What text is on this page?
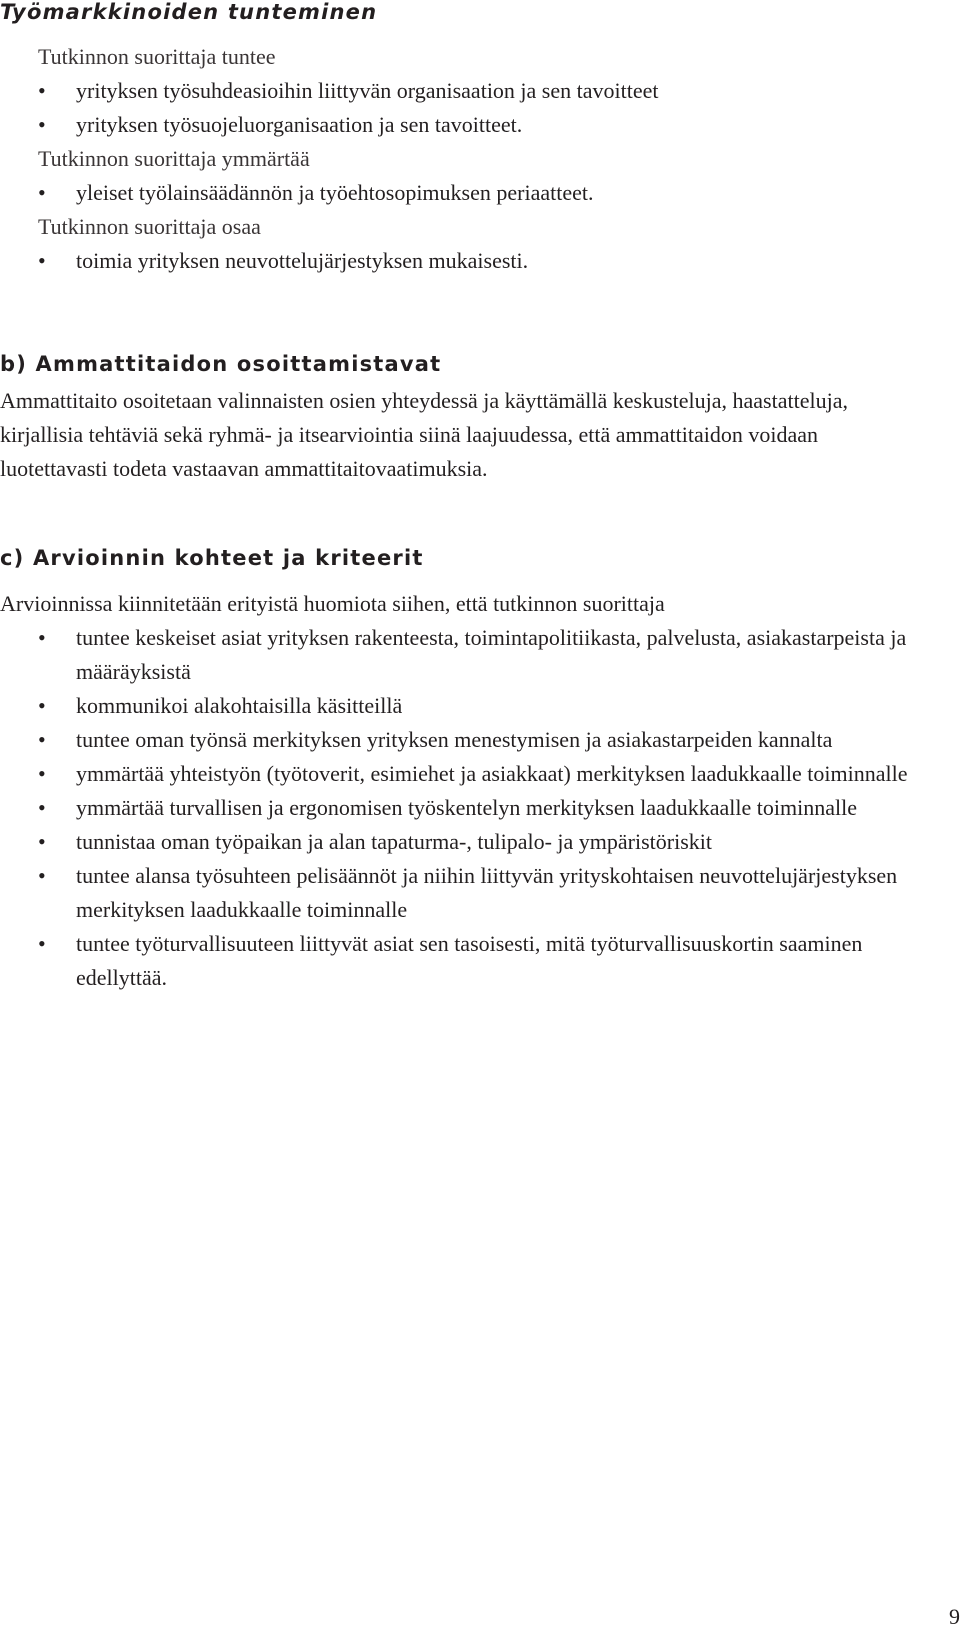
Työmarkkinoiden tunteminen

Tutkinnon suorittaja tuntee

•	yrityksen työsuhdeasioihin liittyvän organisaation ja sen tavoitteet
•	yrityksen työsuojeluorganisaation ja sen tavoitteet.

Tutkinnon suorittaja ymmärtää

•	yleiset työlainsäädännön ja työehtosopimuksen periaatteet.

Tutkinnon suorittaja osaa

•	toimia yrityksen neuvottelujärjestyksen mukaisesti.
b) Ammattitaidon osoittamistavat

Ammattitaito osoitetaan valinnaisten osien yhteydessä ja käyttämällä keskusteluja, haastatteluja, kirjallisia tehtäviä sekä ryhmä- ja itsearviointia siinä laajuudessa, että ammattitaidon voidaan luotettavasti todeta vastaavan ammattitaitovaatimuksia.

c) Arvioinnin kohteet ja kriteerit

Arvioinnissa kiinnitetään erityistä huomiota siihen, että tutkinnon suorittaja

•	tuntee keskeiset asiat yrityksen rakenteesta, toimintapolitiikasta, palvelusta, asiakastarpeista ja määräyksistä
•	kommunikoi alakohtaisilla käsitteillä
•	tuntee oman työnsä merkityksen yrityksen menestymisen ja asiakastarpeiden kannalta
•	ymmärtää yhteistyön (työtoverit, esimiehet ja asiakkaat) merkityksen laadukkaalle toiminnalle
•	ymmärtää turvallisen ja ergonomisen työskentelyn merkityksen laadukkaalle toiminnalle
•	tunnistaa oman työpaikan ja alan tapaturma-, tulipalo- ja ympäristöriskit
•	tuntee alansa työsuhteen pelisäännöt ja niihin liittyvän yrityskohtaisen neuvottelujärjestyksen merkityksen laadukkaalle toiminnalle
•	tuntee työturvallisuuteen liittyvät asiat sen tasoisesti, mitä työturvallisuuskortin saaminen edellyttää.
9
